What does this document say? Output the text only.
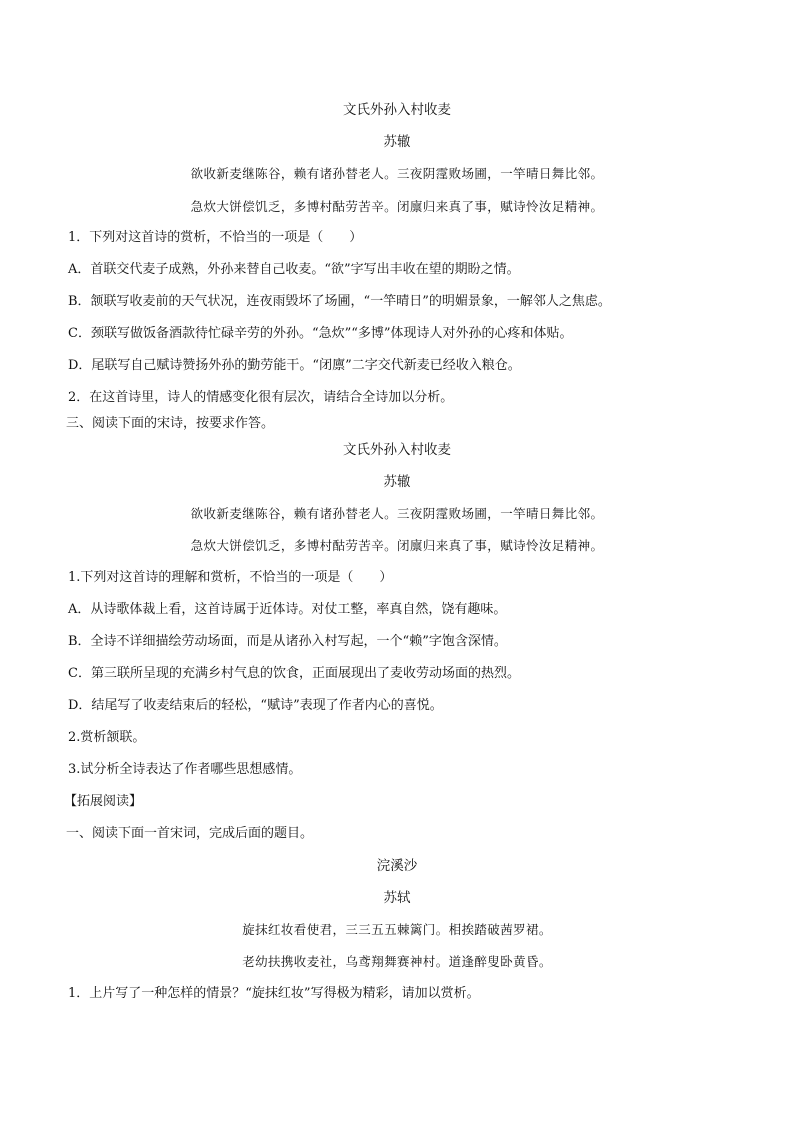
文氏外孙入村收麦
苏辙
欲收新麦继陈谷，赖有诸孙替老人。三夜阴霪败场圃，一竿晴日舞比邻。
急炊大饼偿饥乏，多博村酤劳苦辛。闭廪归来真了事，赋诗怜汝足精神。
1．下列对这首诗的赏析，不恰当的一项是（　　）
A．首联交代麦子成熟，外孙来替自己收麦。“欲”字写出丰收在望的期盼之情。
B．颔联写收麦前的天气状况，连夜雨毁坏了场圃，“一竿晴日”的明媚景象，一解邻人之焦虑。
C．颈联写做饭备酒款待忙碌辛劳的外孙。“急炊”“多博”体现诗人对外孙的心疼和体贴。
D．尾联写自己赋诗赞扬外孙的勤劳能干。“闭廪”二字交代新麦已经收入粮仓。
2．在这首诗里，诗人的情感变化很有层次，请结合全诗加以分析。
三、阅读下面的宋诗，按要求作答。
文氏外孙入村收麦
苏辙
欲收新麦继陈谷，赖有诸孙替老人。三夜阴霪败场圃，一竿晴日舞比邻。
急炊大饼偿饥乏，多博村酤劳苦辛。闭廪归来真了事，赋诗怜汝足精神。
1.下列对这首诗的理解和赏析，不恰当的一项是（　　）
A．从诗歌体裁上看，这首诗属于近体诗。对仗工整，率真自然，饶有趣味。
B．全诗不详细描绘劳动场面，而是从诸孙入村写起，一个“赖”字饱含深情。
C．第三联所呈现的充满乡村气息的饮食，正面展现出了麦收劳动场面的热烈。
D．结尾写了收麦结束后的轻松，“赋诗”表现了作者内心的喜悦。
2.赏析颔联。
3.试分析全诗表达了作者哪些思想感情。
【拓展阅读】
一、阅读下面一首宋词，完成后面的题目。
浣溪沙
苏轼
旋抹红妆看使君，三三五五棘篱门。相挨踏破茜罗裙。
老幼扶携收麦社，乌鸢翔舞赛神村。道逢醉叟卧黄昏。
1．上片写了一种怎样的情景？“旋抹红妆”写得极为精彩，请加以赏析。
